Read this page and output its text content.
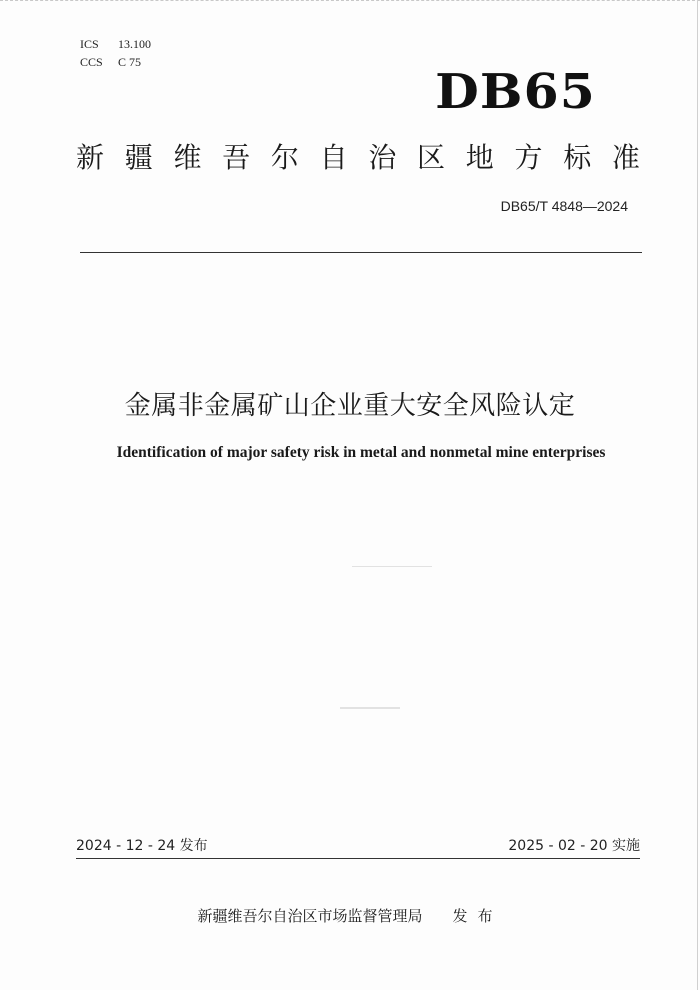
ICS 13.100
CCS C 75
DB65
新 疆 维 吾 尔 自 治 区 地 方 标 准
DB65/T 4848—2024
金属非金属矿山企业重大安全风险认定
Identification of major safety risk in metal and nonmetal mine enterprises
2024 - 12 - 24 发布	2025 - 02 - 20 实施
新疆维吾尔自治区市场监督管理局 发布
